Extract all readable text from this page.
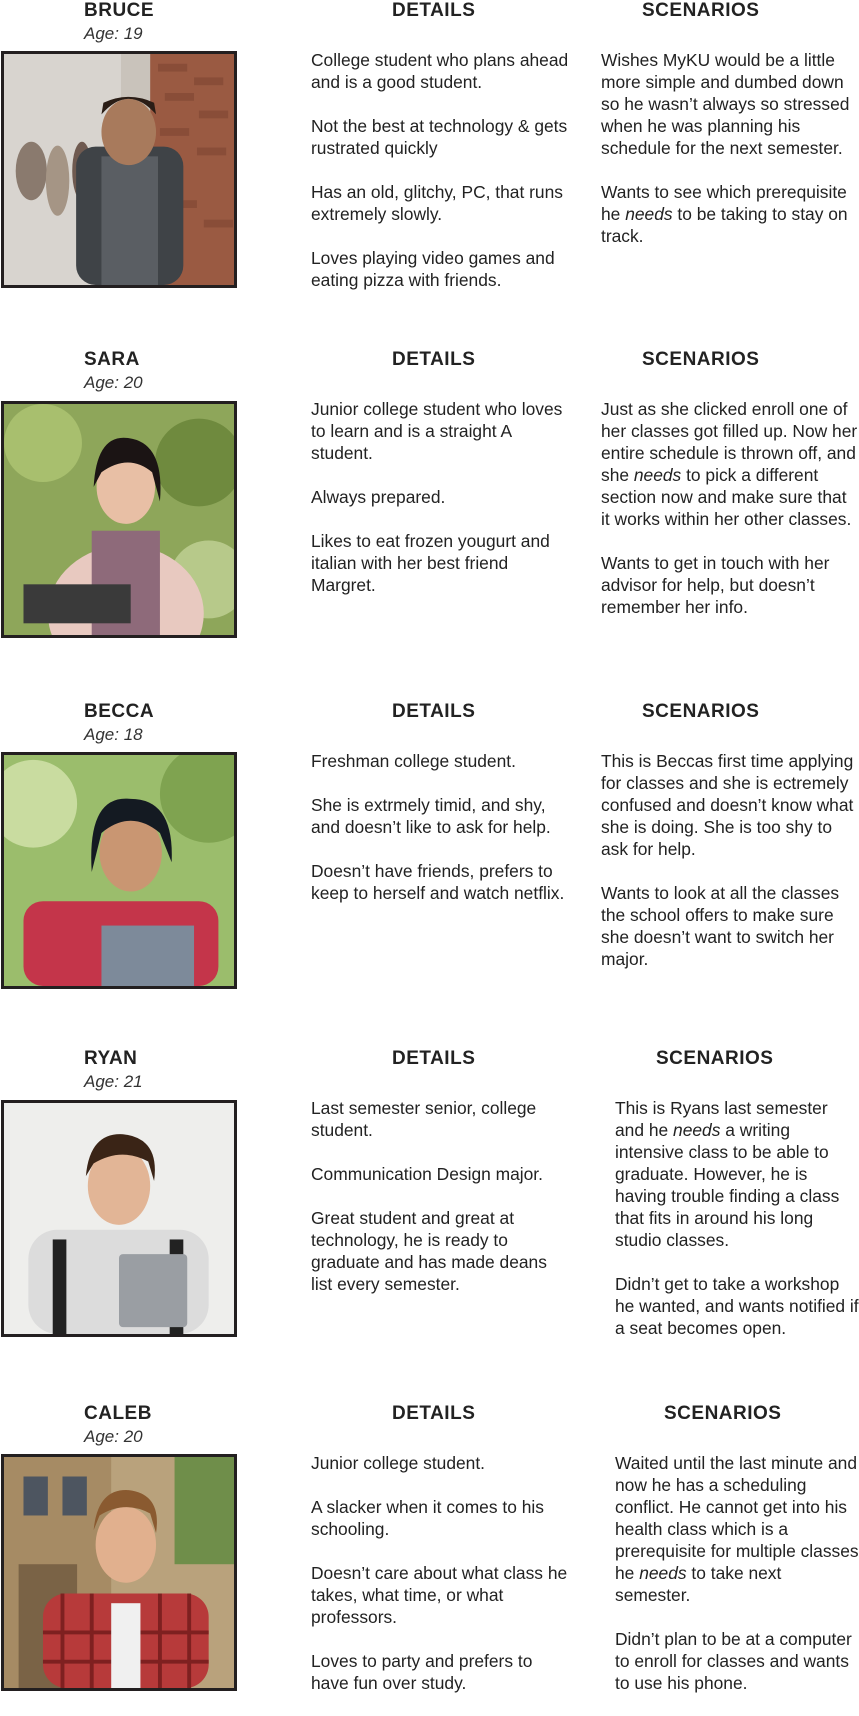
BRUCE
Age: 19
DETAILS	SCENARIOS

College student who plans ahead and is a good student.

Not the best at technology & gets rustrated quickly

Has an old, glitchy, PC, that runs extremely slowly.

Loves playing video games and eating pizza with friends.

Wishes MyKU would be a little more simple and dumbed down so he wasn’t always so stressed when he was planning his schedule for the next semester.

Wants to see which prerequisite he needs to be taking to stay on track.

SARA
Age: 20
DETAILS	SCENARIOS

Junior college student who loves to learn and is a straight A student.

Always prepared.

Likes to eat frozen yougurt and italian with her best friend Margret.

Just as she clicked enroll one of her classes got filled up. Now her entire schedule is thrown off, and she needs to pick a different section now and make sure that it works within her other classes.

Wants to get in touch with her advisor for help, but doesn’t remember her info.

BECCA
Age: 18
DETAILS	SCENARIOS

Freshman college student.

She is extrmely timid, and shy, and doesn’t like to ask for help.

Doesn’t have friends, prefers to keep to herself and watch netflix.

This is Beccas first time applying for classes and she is ectremely confused and doesn’t know what she is doing. She is too shy to ask for help.

Wants to look at all the classes the school offers to make sure she doesn’t want to switch her major.

RYAN
Age: 21
DETAILS	SCENARIOS

Last semester senior, college student.

Communication Design major.

Great student and great at technology, he is ready to graduate and has made deans list every semester.

This is Ryans last semester and he needs a writing intensive class to be able to graduate. However, he is having trouble finding a class that fits in around his long studio classes.

Didn’t get to take a workshop he wanted, and wants notified if a seat becomes open.

CALEB
Age: 20
DETAILS	SCENARIOS

Junior college student.

A slacker when it comes to his schooling.

Doesn’t care about what class he takes, what time, or what professors.

Loves to party and prefers to have fun over study.

Waited until the last minute and now he has a scheduling conflict. He cannot get into his health class which is a prerequisite for multiple classes he needs to take next semester.

Didn’t plan to be at a computer to enroll for classes and wants to use his phone.
